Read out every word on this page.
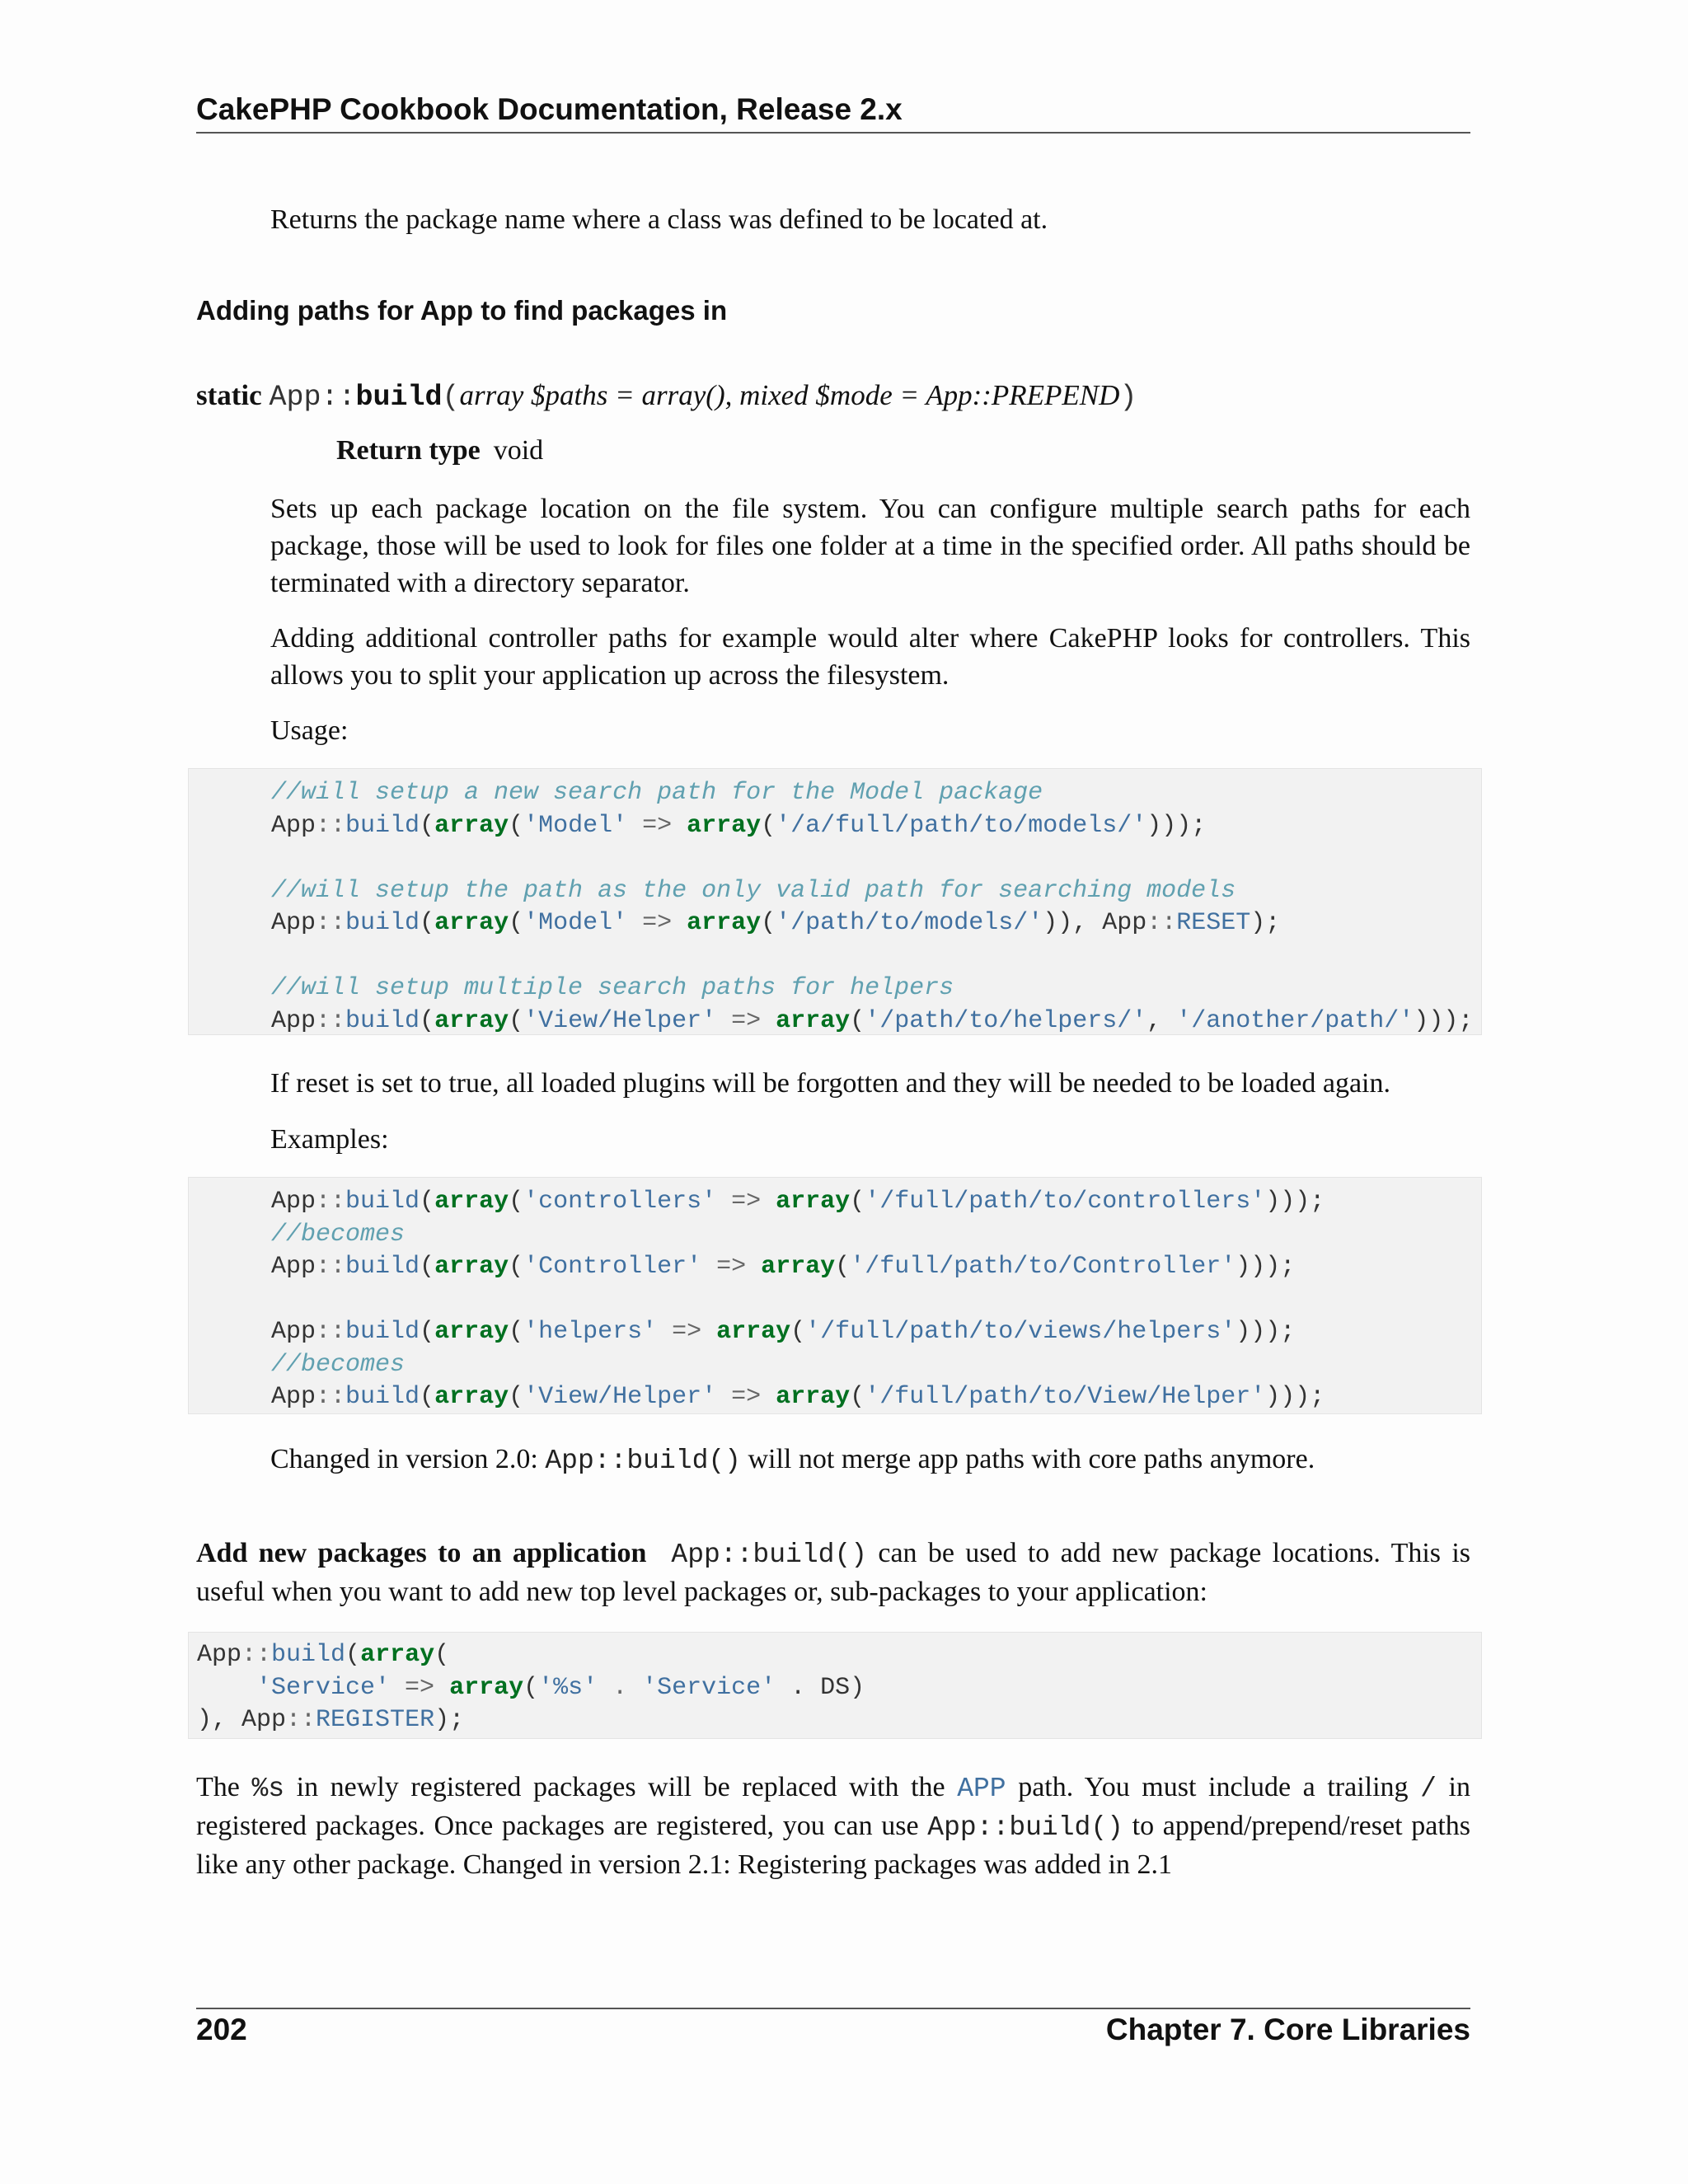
CakePHP Cookbook Documentation, Release 2.x

Returns the package name where a class was defined to be located at.

Adding paths for App to find packages in
static App::build(array $paths = array(), mixed $mode = App::PREPEND)
Return type void

Sets up each package location on the file system. You can configure multiple search paths for each package, those will be used to look for files one folder at a time in the specified order. All paths should be terminated with a directory separator.

Adding additional controller paths for example would alter where CakePHP looks for controllers. This allows you to split your application up across the filesystem.

Usage:

//will setup a new search path for the Model package
App::build(array('Model' => array('/a/full/path/to/models/')));

//will setup the path as the only valid path for searching models
App::build(array('Model' => array('/path/to/models/')), App::RESET);

//will setup multiple search paths for helpers
App::build(array('View/Helper' => array('/path/to/helpers/', '/another/path/')));

If reset is set to true, all loaded plugins will be forgotten and they will be needed to be loaded again.

Examples:

App::build(array('controllers' => array('/full/path/to/controllers')));
//becomes
App::build(array('Controller' => array('/full/path/to/Controller')));

App::build(array('helpers' => array('/full/path/to/views/helpers')));
//becomes
App::build(array('View/Helper' => array('/full/path/to/View/Helper')));

Changed in version 2.0: App::build() will not merge app paths with core paths anymore.

Add new packages to an application App::build() can be used to add new package locations. This is useful when you want to add new top level packages or, sub-packages to your application:

App::build(array(
'Service' => array('%s' . 'Service' . DS)
), App::REGISTER);

The %s in newly registered packages will be replaced with the APP path. You must include a trailing / in registered packages. Once packages are registered, you can use App::build() to append/prepend/reset paths like any other package. Changed in version 2.1: Registering packages was added in 2.1

202	Chapter 7. Core Libraries
